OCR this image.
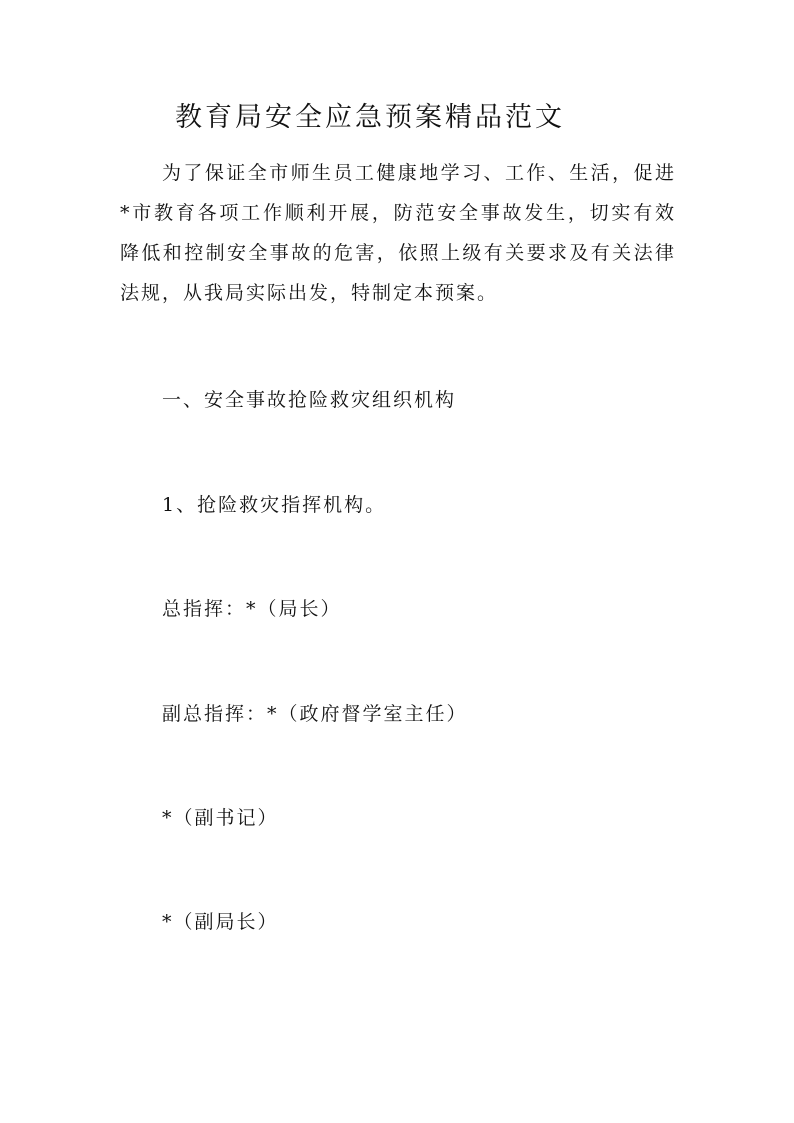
教育局安全应急预案精品范文

为了保证全市师生员工健康地学习、工作、生活，促进*市教育各项工作顺利开展，防范安全事故发生，切实有效降低和控制安全事故的危害，依照上级有关要求及有关法律法规，从我局实际出发，特制定本预案。

一、安全事故抢险救灾组织机构

1、抢险救灾指挥机构。

总指挥：*（局长）

副总指挥：*（政府督学室主任）

*（副书记）

*（副局长）
